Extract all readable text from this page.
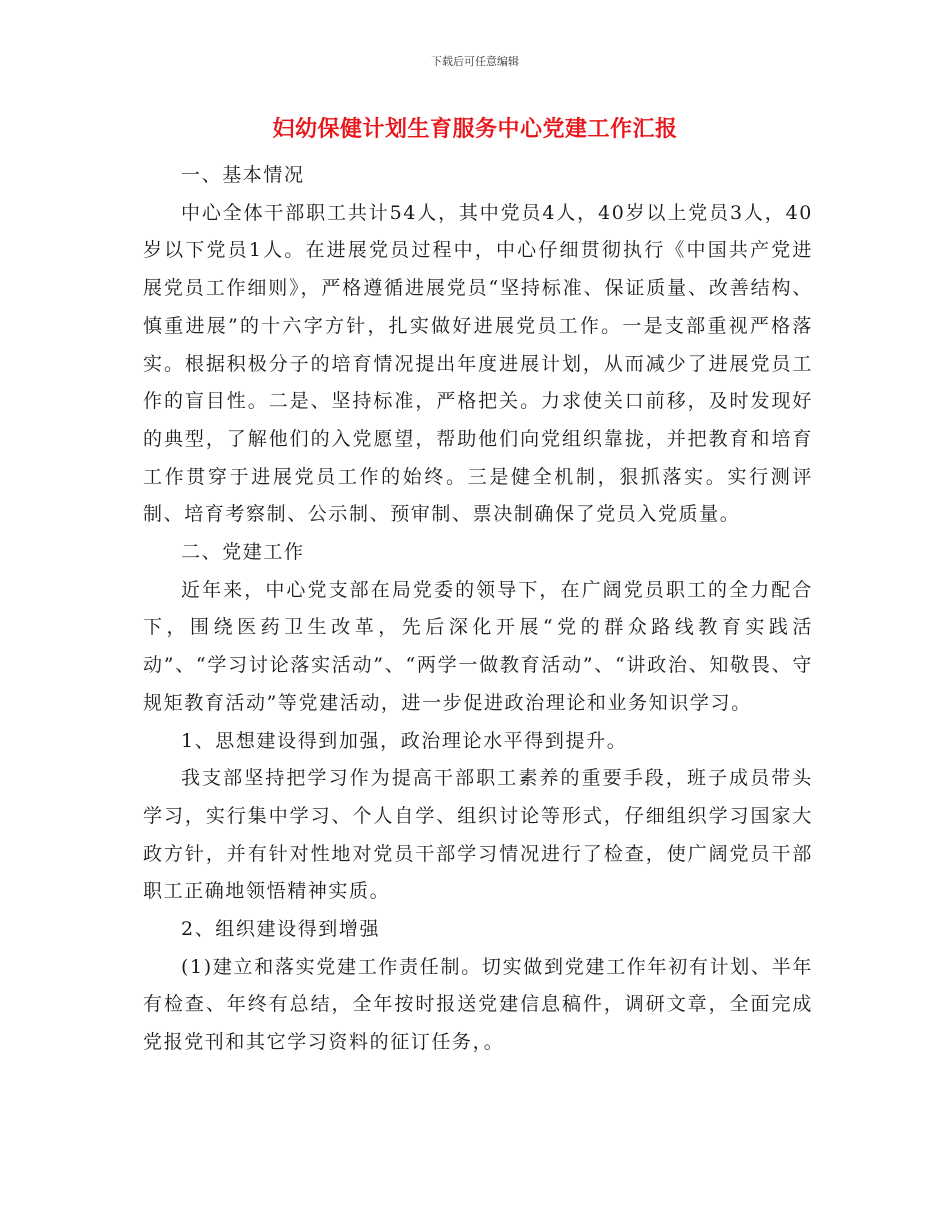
下载后可任意编辑
妇幼保健计划生育服务中心党建工作汇报

一、基本情况

中心全体干部职工共计54人，其中党员4人，40岁以上党员3人，40岁以下党员1人。在进展党员过程中，中心仔细贯彻执行《中国共产党进展党员工作细则》，严格遵循进展党员“坚持标准、保证质量、改善结构、慎重进展”的十六字方针，扎实做好进展党员工作。一是支部重视严格落实。根据积极分子的培育情况提出年度进展计划，从而减少了进展党员工作的盲目性。二是、坚持标准，严格把关。力求使关口前移，及时发现好的典型，了解他们的入党愿望，帮助他们向党组织靠拢，并把教育和培育工作贯穿于进展党员工作的始终。三是健全机制，狠抓落实。实行测评制、培育考察制、公示制、预审制、票决制确保了党员入党质量。

二、党建工作

近年来，中心党支部在局党委的领导下，在广阔党员职工的全力配合下，围绕医药卫生改革，先后深化开展“党的群众路线教育实践活动”、“学习讨论落实活动”、“两学一做教育活动”、“讲政治、知敬畏、守规矩教育活动”等党建活动，进一步促进政治理论和业务知识学习。

1、思想建设得到加强，政治理论水平得到提升。

我支部坚持把学习作为提高干部职工素养的重要手段，班子成员带头学习，实行集中学习、个人自学、组织讨论等形式，仔细组织学习国家大政方针，并有针对性地对党员干部学习情况进行了检查，使广阔党员干部职工正确地领悟精神实质。

2、组织建设得到增强

(1)建立和落实党建工作责任制。切实做到党建工作年初有计划、半年有检查、年终有总结，全年按时报送党建信息稿件，调研文章，全面完成党报党刊和其它学习资料的征订任务，。
